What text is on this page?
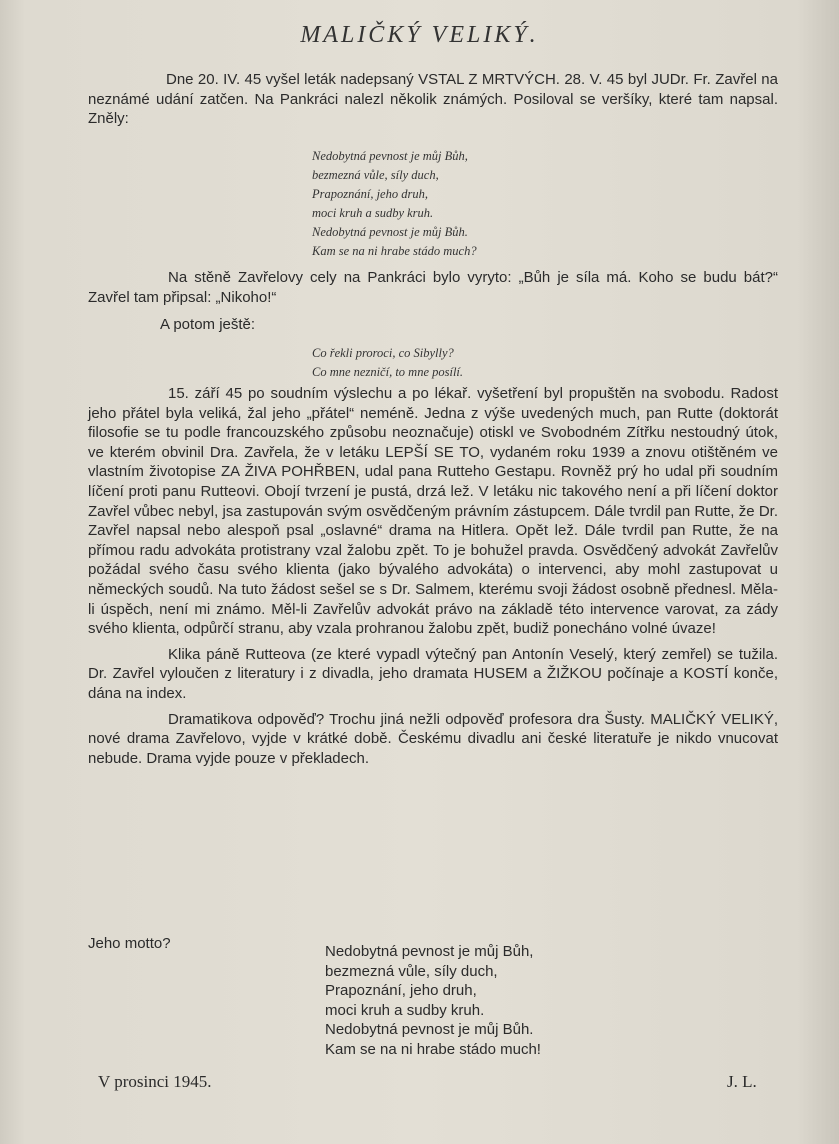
MALIČKÝ VELIKÝ.

Dne 20. IV. 45 vyšel leták nadepsaný VSTAL Z MRTVÝCH. 28. V. 45 byl JUDr. Fr. Zavřel na neznámé udání zatčen. Na Pankráci nalezl několik známých. Posiloval se veršíky, které tam napsal. Zněly:

Nedobytná pevnost je můj Bůh,
bezmezná vůle, síly duch,
Prapoznání, jeho druh,
moci kruh a sudby kruh.
Nedobytná pevnost je můj Bůh.
Kam se na ni hrabe stádo much?

Na stěně Zavřelovy cely na Pankráci bylo vyryto: „Bůh je síla má. Koho se budu bát?“ Zavřel tam připsal: „Nikoho!“

A potom ještě:

Co řekli proroci, co Sibylly?
Co mne nezničí, to mne posílí.

15. září 45 po soudním výslechu a po lékař. vyšetření byl propuštěn na svobodu. Radost jeho přátel byla veliká, žal jeho „přátel“ neméně. Jedna z výše uvedených much, pan Rutte (doktorát filosofie se tu podle francouzského způsobu neoznačuje) otiskl ve Svobodném Zítřku nestoudný útok, ve kterém obvinil Dra. Zavřela, že v letáku LEPŠÍ SE TO, vydaném roku 1939 a znovu otištěném ve vlastním životopise ZA ŽIVA POHŘBEN, udal pana Rutteho Gestapu. Rovněž prý ho udal při soudním líčení proti panu Rutteovi. Obojí tvrzení je pustá, drzá lež. V letáku nic takového není a při líčení doktor Zavřel vůbec nebyl, jsa zastupován svým osvědčeným právním zástupcem. Dále tvrdil pan Rutte, že Dr. Zavřel napsal nebo alespoň psal „oslavné“ drama na Hitlera. Opět lež. Dále tvrdil pan Rutte, že na přímou radu advokáta protistrany vzal žalobu zpět. To je bohužel pravda. Osvědčený advokát Zavřelův požádal svého času svého klienta (jako bývalého advokáta) o intervenci, aby mohl zastupovat u německých soudů. Na tuto žádost sešel se s Dr. Salmem, kterému svoji žádost osobně přednesl. Měla-li úspěch, není mi známo. Měl-li Zavřelův advokát právo na základě této intervence varovat, za zády svého klienta, odpůrčí stranu, aby vzala prohranou žalobu zpět, budiž ponecháno volné úvaze!

Klika páně Rutteova (ze které vypadl výtečný pan Antonín Veselý, který zemřel) se tužila. Dr. Zavřel vyloučen z literatury i z divadla, jeho dramata HUSEM a ŽIŽKOU počínaje a KOSTÍ konče, dána na index.

Dramatikova odpověď? Trochu jiná nežli odpověď profesora dra Šusty. MALIČKÝ VELIKÝ, nové drama Zavřelovo, vyjde v krátké době. Českému divadlu ani české literatuře je nikdo vnucovat nebude. Drama vyjde pouze v překladech.

Jeho motto?	Nedobytná pevnost je můj Bůh,
bezmezná vůle, síly duch,
Prapoznání, jeho druh,
moci kruh a sudby kruh.
Nedobytná pevnost je můj Bůh.
Kam se na ni hrabe stádo much!
V prosinci 1945.	J. L.
